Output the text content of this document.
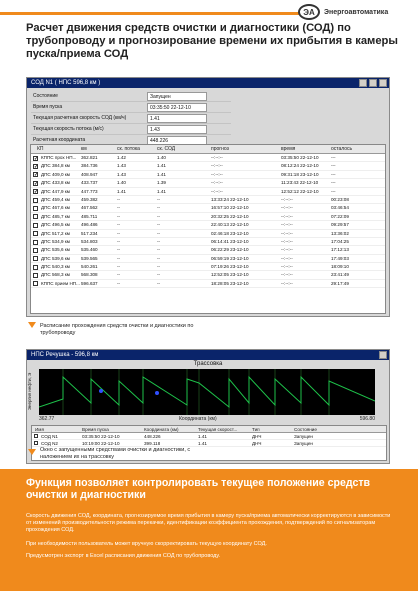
ЭА	Энергоавтоматика
Расчет движения средств очистки и диагностики (СОД) по трубопроводу и прогнозирование времени их прибытия в камеры пуска/приема СОД
СОД N1 ( НПС 596,8 км )
Состояние	Запущен
Время пуска	03:35:50 22-12-10
Текущая расчетная скорость СОД (км/ч)	1.41
Текущая скорость потока (м/с)	1.43
Расчетная координата	448.226
КП	км	ск. потока	ск. СОД	прогноз	время	осталось
✓ КППС прох НП... 362.821	1.42	1.40	--:--:--	03:35:50 22-12-10	---
✓ ДПС 384,8 км 384.736	1.43	1.41	--:--:--	08:12:24 22-12-10	---
✓ ДПС 409,0 км 408.947	1.43	1.41	--:--:--	09:31:18 23-12-10	---
✓ ДПС 433,8 км 433.737	1.40	1.39	--:--:--	11:23:43 22-12-10	---
✓ ДПС 447,9 км 447.773	1.41	1.41	--:--:--	12:52:12 22-12-10	---
ДПС 459,4 км 459.382	--	--	13:33:24 22-12-10	--:--:--	00:23:08
ДПС 467,6 км 467.562	--	--	16:57:10 22-12-10	--:--:--	03:46:54
ДПС 485,7 км 485.711	--	--	20:32:25 22-12-10	--:--:--	07:22:09
ДПС 496,5 км 496.486	--	--	22:40:13 22-12-10	--:--:--	09:29:57
ДПС 517,2 км 517.234	--	--	02:46:18 23-12-10	--:--:--	13:36:02
ДПС 534,9 км 534.803	--	--	06:14:41 23-12-10	--:--:--	17:04:25
ДПС 535,6 км 535.460	--	--	06:22:29 23-12-10	--:--:--	17:12:13
ДПС 539,6 км 539.565	--	--	06:59:19 23-12-10	--:--:--	17:49:03
ДПС 540,3 км 540.261	--	--	07:19:26 23-12-10	--:--:--	18:09:10
ДПС 568,3 км 568.308	--	--	12:52:05 23-12-10	--:--:--	23:41:49
КППС прием НП... 596.637	--	--	18:28:05 23-12-10	--:--:--	29:17:49
Расписание прохождения средств очистки и диагностики по трубопроводу
НПС Речушка - 596,8 км
Трассовка
Энергия нефти, Э
362.77	Координата (км)	596.80
Имя	Время пуска	Координата (км)	Текущая скорост...	Тип	Состояние
СОД N1	03:35:50 22-12-10	448.226	1.41	ДНЧ	Запущен
СОД N2	10:19:00 22-12-10	399.118	1.41	ДНЧ	Запущен
Окно с запущенными средствами очистки и диагностики, с наложением их на трассовку
Функция позволяет контролировать текущее положение средств очистки и диагностики

Скорость движения СОД, координата, прогнозируемое время прибытия в камеру пуска/приема автоматически корректируются в зависимости от изменений производительности режима перекачки, идентификации коэффициента прохождения, подтверждений по сигнализаторам прохождения СОД.

При необходимости пользователь может вручную скорректировать текущую координату СОД.

Предусмотрен экспорт в Excel расписания движения СОД по трубопроводу.
